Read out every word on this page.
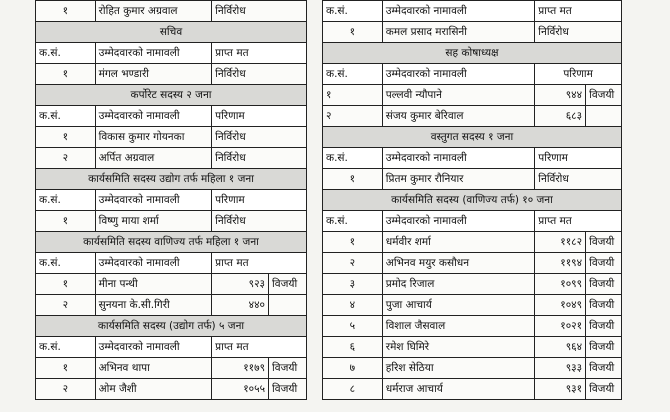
१	रोहित कुमार अग्रवाल	निर्विरोध	
सचिव			
क.सं.	उम्मेदवारको नामावली	प्राप्त मत	
१	मंगल भण्डारी	निर्विरोध	
कर्पोरेट सदस्य २ जना			
क.सं.	उम्मेदवारको नामावली	परिणाम	
१	विकास कुमार गोयनका	निर्विरोध	
२	अर्पित अग्रवाल	निर्विरोध	
कार्यसमिति सदस्य उद्योग तर्फ महिला १ जना			
क.सं.	उम्मेदवारको नामावली	परिणाम	
१	विष्णु माया शर्मा	निर्विरोध	
कार्यसमिति सदस्य वाणिज्य तर्फ महिला १ जना			
क.सं.	उम्मेदवारको नामावली	प्राप्त मत	
१	मीना पन्थी	९२३	विजयी
२	सुनयना के.सी.गिरी	४४०	
कार्यसमिति सदस्य (उद्योग तर्फ) ५ जना			
क.सं.	उम्मेदवारको नामावली	प्राप्त मत	
१	अभिनव थापा	११७९	विजयी
२	ओम जैशी	१०५५	विजयी
क.सं.	उम्मेदवारको नामावली	प्राप्त मत	
१	कमल प्रसाद मरासिनी	निर्विरोध	
सह कोषाध्यक्ष			
क.सं.	उम्मेदवारको नामावली	परिणाम	
१	पल्लवी न्यौपाने	९४४	विजयी
२	संजय कुमार बेरिवाल	६८३	
वस्तुगत सदस्य १ जना			
क.सं.	उम्मेदवारको नामावली	परिणाम	
१	प्रितम कुमार रौनियार	निर्विरोध	
कार्यसमिति सदस्य (वाणिज्य तर्फ) १० जना			
क.सं.	उम्मेदवारको नामावली	प्राप्त मत	
१	धर्मवीर शर्मा	११८२	विजयी
२	अभिनव मयुर कसौधन	११९४	विजयी
३	प्रमोद रिजाल	१०९९	विजयी
४	पुजा आचार्य	१०४९	विजयी
५	विशाल जैसवाल	१०२१	विजयी
६	रमेश घिमिरे	९६४	विजयी
७	हरिश सेठिया	९३३	विजयी
८	धर्मराज आचार्य	९३१	विजयी
